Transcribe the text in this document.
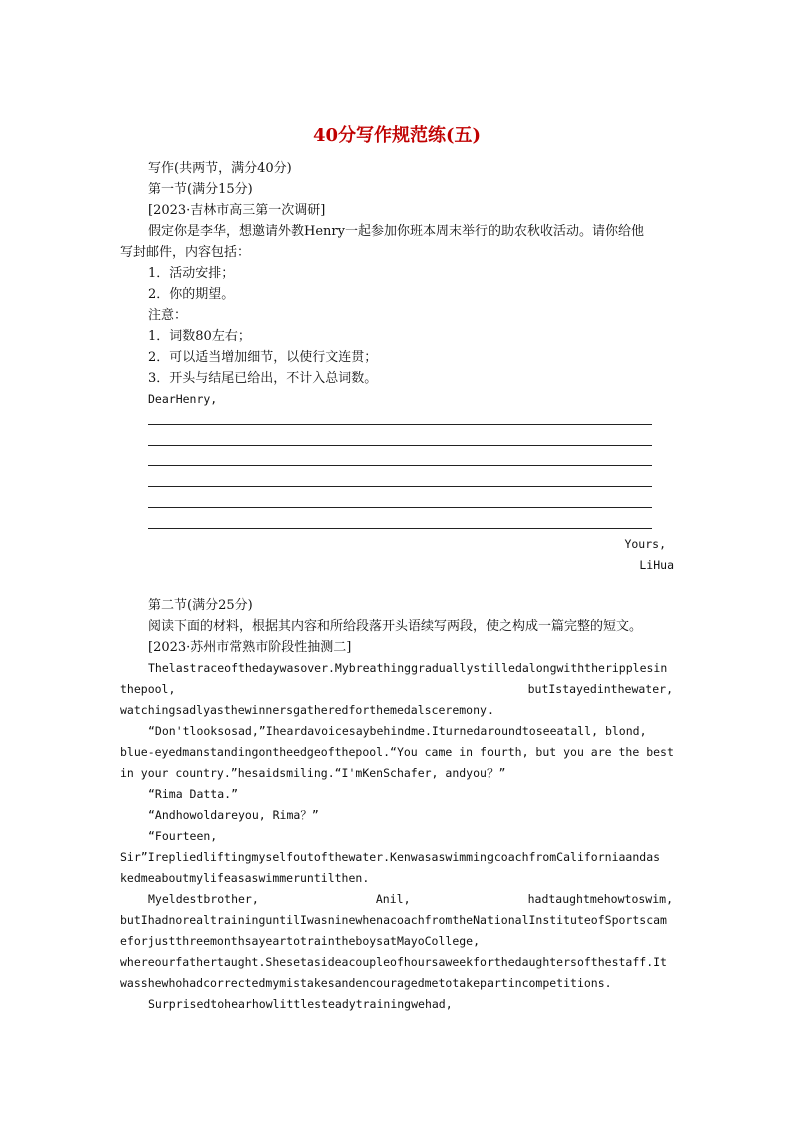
40分写作规范练(五)
写作(共两节，满分40分)
第一节(满分15分)
[2023·吉林市高三第一次调研]
假定你是李华，想邀请外教Henry一起参加你班本周末举行的助农秋收活动。请你给他
写封邮件，内容包括：
1．活动安排；
2．你的期望。
注意：
1．词数80左右；
2．可以适当增加细节，以使行文连贯；
3．开头与结尾已给出，不计入总词数。
DearHenry,
Yours,
LiHua
第二节(满分25分)
阅读下面的材料，根据其内容和所给段落开头语续写两段，使之构成一篇完整的短文。
[2023·苏州市常熟市阶段性抽测二]
Thelastraceofthedaywasover.Mybreathinggraduallystilledalongwiththeripplesin
thepool,	butIstayedinthewater,
watchingsadlyasthewinnersgatheredforthemedalsceremony.
“Don'tlooksosad,”Iheardavoicesaybehindme.Iturnedaroundtoseeatall, blond,
blue-eyedmanstandingontheedgeofthepool.“You came in fourth, but you are the best
in your country.”hesaidsmiling.“I'mKenSchafer, andyou？”
“Rima Datta.”
“Andhowoldareyou, Rima？”
“Fourteen,
Sir”Irepliedliftingmyselfoutofthewater.KenwasaswimmingcoachfromCaliforniaandas
kedmeaboutmylifeasaswimmeruntilthen.
Myeldestbrother,	Anil,	hadtaughtmehowtoswim,
butIhadnorealtraininguntilIwasninewhenacoachfromtheNationalInstituteofSportscam
eforjustthreemonthsayeartotraintheboysatMayoCollege,
whereourfathertaught.Shesetasideacoupleofhoursaweekforthedaughtersofthestaff.It
wasshewhohadcorrectedmymistakesandencouragedmetotakepartincompetitions.
Surprisedtohearhowlittlesteadytrainingwehad,
